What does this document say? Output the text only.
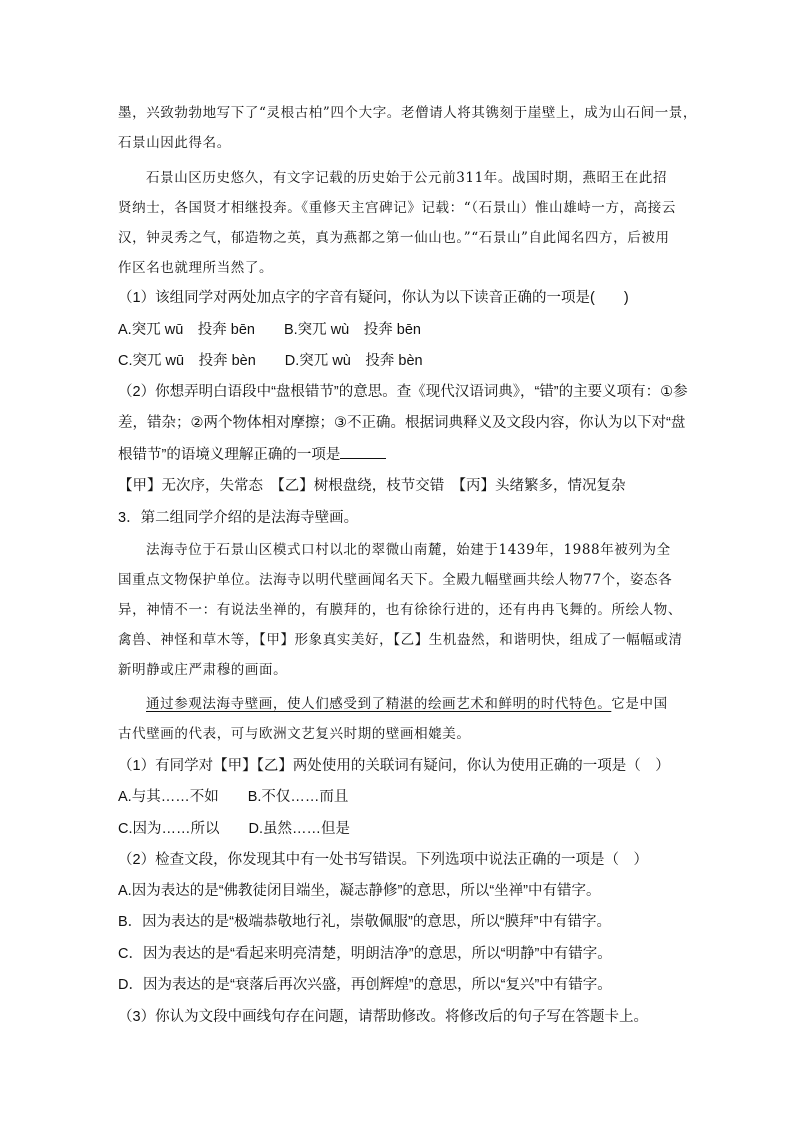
墨，兴致勃勃地写下了“灵根古柏”四个大字。老僧请人将其镌刻于崖壁上，成为山石间一景，
石景山因此得名。
石景山区历史悠久，有文字记载的历史始于公元前311年。战国时期，燕昭王在此招
贤纳士，各国贤才相继投奔。《重修天主宫碑记》记载：“（石景山）惟山雄峙一方，高接云
汉，钟灵秀之气，郁造物之英，真为燕都之第一仙山也。”“石景山”自此闻名四方，后被用
作区名也就理所当然了。
（1）该组同学对两处加点字的字音有疑问，你认为以下读音正确的一项是(　　)
A.突兀 wū　投奔 bēn　　B.突兀 wù　投奔 bēn
C.突兀 wū　投奔 bèn　　D.突兀 wù　投奔 bèn
（2）你想弄明白语段中“盘根错节”的意思。查《现代汉语词典》，“错”的主要义项有：①参
差，错杂；②两个物体相对摩擦；③不正确。根据词典释义及文段内容，你认为以下对“盘
根错节”的语境义理解正确的一项是
【甲】无次序，失常态　【乙】树根盘绕，枝节交错　【丙】头绪繁多，情况复杂
3．第二组同学介绍的是法海寺壁画。
法海寺位于石景山区模式口村以北的翠微山南麓，始建于1439年，1988年被列为全
国重点文物保护单位。法海寺以明代壁画闻名天下。全殿九幅壁画共绘人物77个，姿态各
异，神情不一：有说法坐禅的，有膜拜的，也有徐徐行进的，还有冉冉飞舞的。所绘人物、
禽兽、神怪和草木等，【甲】形象真实美好，【乙】生机盎然，和谐明快，组成了一幅幅或清
新明静或庄严肃穆的画面。
通过参观法海寺壁画，使人们感受到了精湛的绘画艺术和鲜明的时代特色。它是中国
古代壁画的代表，可与欧洲文艺复兴时期的壁画相媲美。
（1）有同学对【甲】【乙】两处使用的关联词有疑问，你认为使用正确的一项是（　）
A.与其……不如　　B.不仅……而且
C.因为……所以　　D.虽然……但是
（2）检查文段，你发现其中有一处书写错误。下列选项中说法正确的一项是（　）
A.因为表达的是“佛教徒闭目端坐，凝志静修”的意思，所以“坐禅”中有错字。
B．因为表达的是“极端恭敬地行礼，崇敬佩服”的意思，所以“膜拜”中有错字。
C．因为表达的是“看起来明亮清楚，明朗洁净”的意思，所以“明静”中有错字。
D．因为表达的是“衰落后再次兴盛，再创辉煌”的意思，所以“复兴”中有错字。
（3）你认为文段中画线句存在问题，请帮助修改。将修改后的句子写在答题卡上。
